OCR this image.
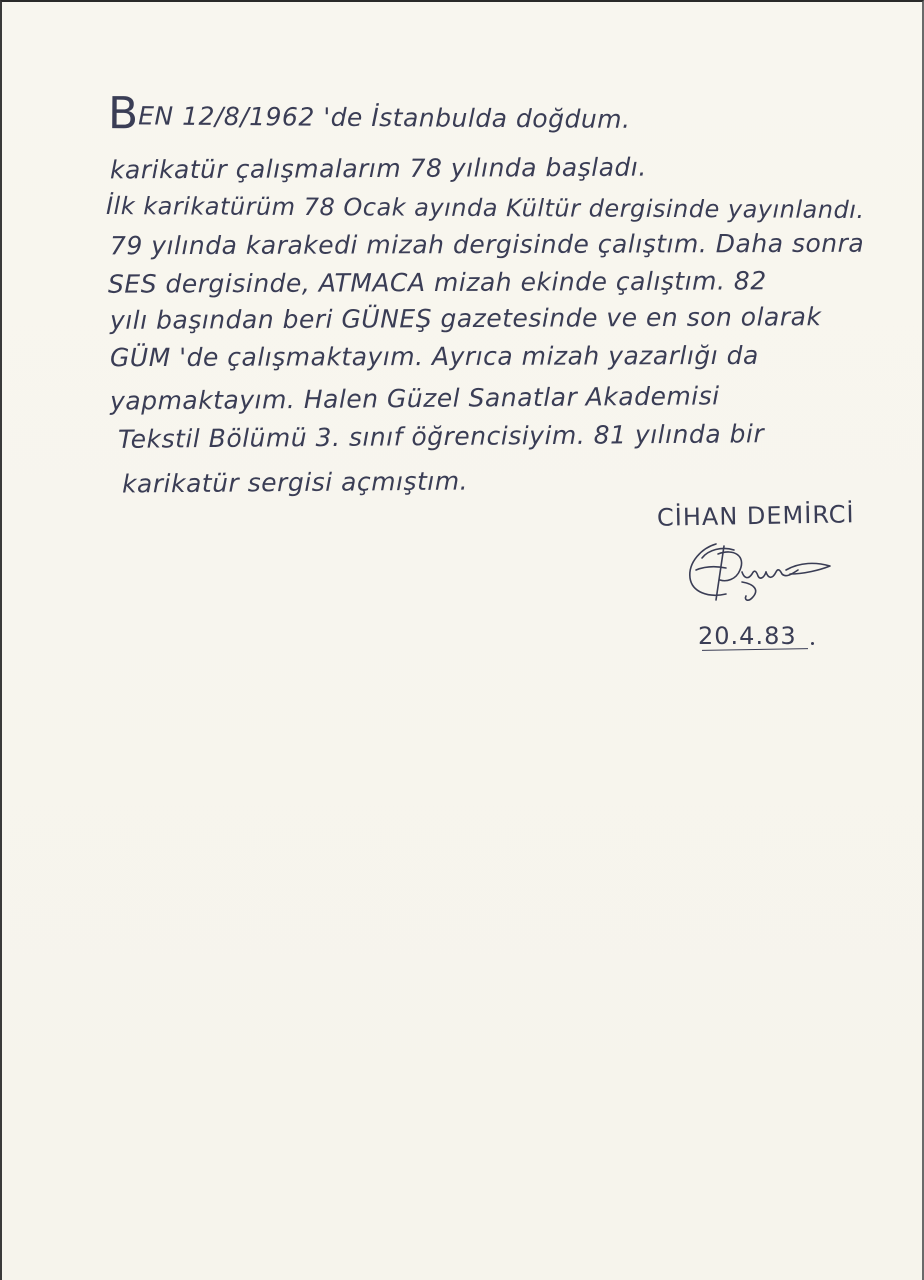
BEN 12/8/1962 'de İstanbulda doğdum.
karikatür çalışmalarım 78 yılında başladı.
İlk karikatürüm 78 Ocak ayında Kültür dergisinde yayınlandı.
79 yılında karakedi mizah dergisinde çalıştım. Daha sonra
SES dergisinde, ATMACA mizah ekinde çalıştım. 82
yılı başından beri GÜNEŞ gazetesinde ve en son olarak
GÜM 'de çalışmaktayım. Ayrıca mizah yazarlığı da
yapmaktayım. Halen Güzel Sanatlar Akademisi
Tekstil Bölümü 3. sınıf öğrencisiyim. 81 yılında bir
karikatür sergisi açmıştım.
CİHAN DEMİRCİ
20.4.83
